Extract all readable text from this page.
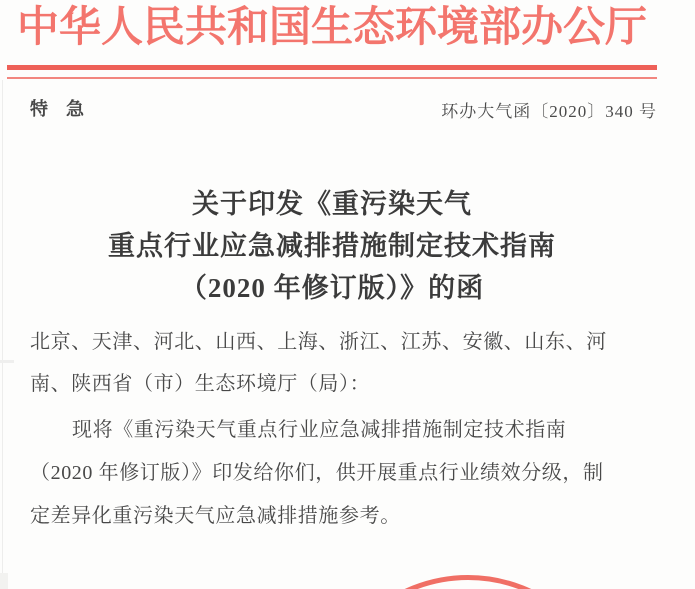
中华人民共和国生态环境部办公厅
特　急	环办大气函〔2020〕340 号
关于印发《重污染天气
重点行业应急减排措施制定技术指南
（2020 年修订版）》的函
北京、天津、河北、山西、上海、浙江、江苏、安徽、山东、河
南、陕西省（市）生态环境厅（局）：
现将《重污染天气重点行业应急减排措施制定技术指南
（2020 年修订版）》印发给你们，供开展重点行业绩效分级，制
定差异化重污染天气应急减排措施参考。
